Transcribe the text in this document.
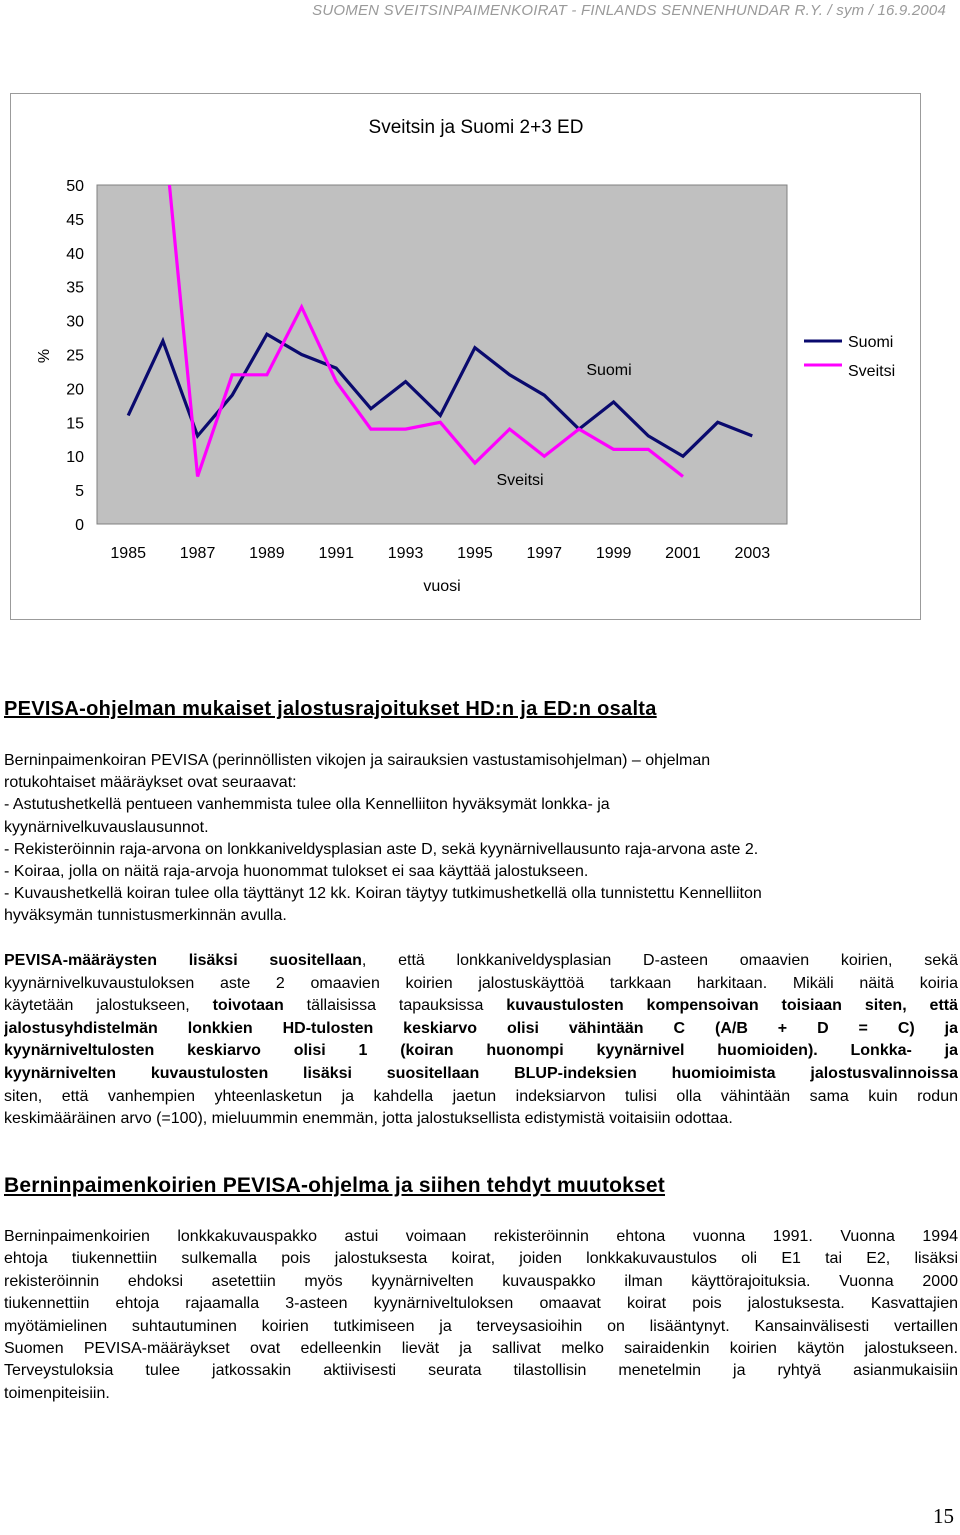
SUOMEN SVEITSINPAIMENKOIRAT - FINLANDS SENNENHUNDAR R.Y. / sym / 16.9.2004
Sveitsin ja Suomi 2+3 ED
0
5
10
15
20
25
30
35
40
45
50
1985 1987 1989 1991 1993 1995 1997 1999 2001 2003
%
vuosi
Suomi
Sveitsi
Suomi
Sveitsi
PEVISA-ohjelman mukaiset jalostusrajoitukset HD:n ja ED:n osalta
Berninpaimenkoiran PEVISA (perinnöllisten vikojen ja sairauksien vastustamisohjelman) – ohjelman
rotukohtaiset määräykset ovat seuraavat:
- Astutushetkellä pentueen vanhemmista tulee olla Kennelliiton hyväksymät lonkka- ja
kyynärnivelkuvauslausunnot.
- Rekisteröinnin raja-arvona on lonkkaniveldysplasian aste D, sekä kyynärnivellausunto raja-arvona aste 2.
- Koiraa, jolla on näitä raja-arvoja huonommat tulokset ei saa käyttää jalostukseen.
- Kuvaushetkellä koiran tulee olla täyttänyt 12 kk. Koiran täytyy tutkimushetkellä olla tunnistettu Kennelliiton
hyväksymän tunnistusmerkinnän avulla.
PEVISA-määräysten lisäksi suositellaan, että lonkkaniveldysplasian D-asteen omaavien koirien, sekä
kyynärnivelkuvaustuloksen aste 2 omaavien koirien jalostuskäyttöä tarkkaan harkitaan. Mikäli näitä koiria
käytetään jalostukseen, toivotaan tällaisissa tapauksissa kuvaustulosten kompensoivan toisiaan siten, että
jalostusyhdistelmän lonkkien HD-tulosten keskiarvo olisi vähintään C (A/B + D = C) ja
kyynärniveltulosten keskiarvo olisi 1 (koiran huonompi kyynärnivel huomioiden). Lonkka- ja
kyynärnivelten kuvaustulosten lisäksi suositellaan BLUP-indeksien huomioimista jalostusvalinnoissa
siten, että vanhempien yhteenlasketun ja kahdella jaetun indeksiarvon tulisi olla vähintään sama kuin rodun
keskimääräinen arvo (=100), mieluummin enemmän, jotta jalostuksellista edistymistä voitaisiin odottaa.
Berninpaimenkoirien PEVISA-ohjelma ja siihen tehdyt muutokset
Berninpaimenkoirien lonkkakuvauspakko astui voimaan rekisteröinnin ehtona vuonna 1991. Vuonna 1994
ehtoja tiukennettiin sulkemalla pois jalostuksesta koirat, joiden lonkkakuvaustulos oli E1 tai E2, lisäksi
rekisteröinnin ehdoksi asetettiin myös kyynärnivelten kuvauspakko ilman käyttörajoituksia. Vuonna 2000
tiukennettiin ehtoja rajaamalla 3-asteen kyynärniveltuloksen omaavat koirat pois jalostuksesta. Kasvattajien
myötämielinen suhtautuminen koirien tutkimiseen ja terveysasioihin on lisääntynyt. Kansainvälisesti vertaillen
Suomen PEVISA-määräykset ovat edelleenkin lievät ja sallivat melko sairaidenkin koirien käytön jalostukseen.
Terveystuloksia tulee jatkossakin aktiivisesti seurata tilastollisin menetelmin ja ryhtyä asianmukaisiin
toimenpiteisiin.
15
